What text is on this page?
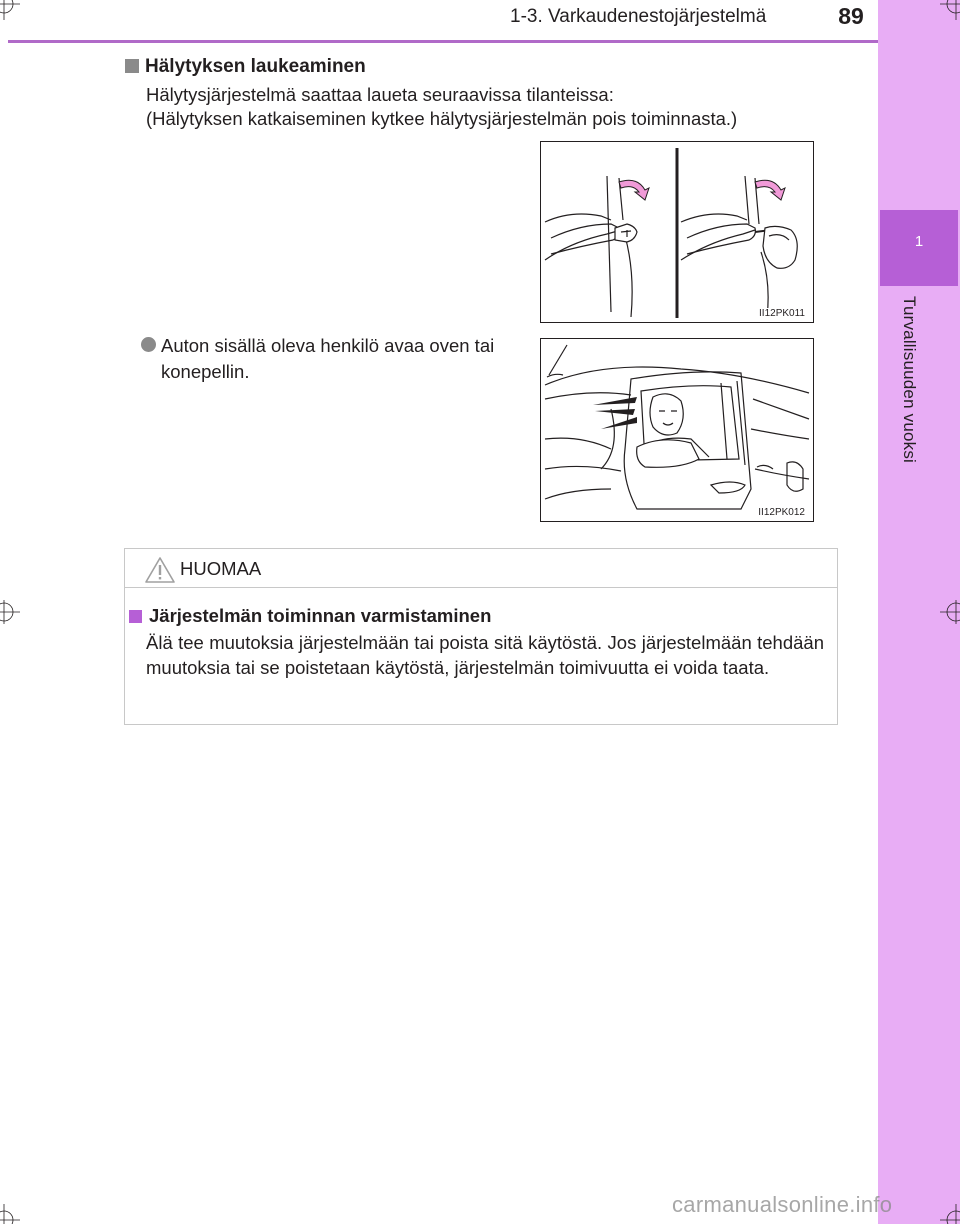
1
Turvallisuuden vuoksi
1-3. Varkaudenestojärjestelmä	89
Hälytyksen laukeaminen
Hälytysjärjestelmä saattaa laueta seuraavissa tilanteissa:
(Hälytyksen katkaiseminen kytkee hälytysjärjestelmän pois toiminnasta.)
II12PK011
Auton sisällä oleva henkilö avaa oven tai konepellin.
II12PK012
HUOMAA
Järjestelmän toiminnan varmistaminen
Älä tee muutoksia järjestelmään tai poista sitä käytöstä. Jos järjestelmään tehdään muutoksia tai se poistetaan käytöstä, järjestelmän toimivuutta ei voida taata.
carmanualsonline.info
